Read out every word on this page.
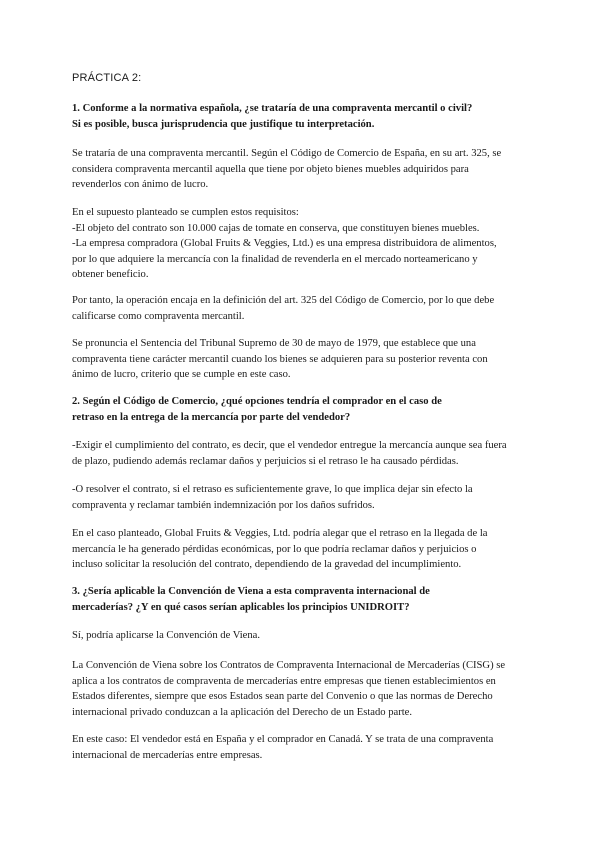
PRÁCTICA 2:
1. Conforme a la normativa española, ¿se trataría de una compraventa mercantil o civil?
Si es posible, busca jurisprudencia que justifique tu interpretación.
Se trataría de una compraventa mercantil. Según el Código de Comercio de España, en su art. 325, se
considera compraventa mercantil aquella que tiene por objeto bienes muebles adquiridos para
revenderlos con ánimo de lucro.
En el supuesto planteado se cumplen estos requisitos:
-El objeto del contrato son 10.000 cajas de tomate en conserva, que constituyen bienes muebles.
-La empresa compradora (Global Fruits & Veggies, Ltd.) es una empresa distribuidora de alimentos,
por lo que adquiere la mercancía con la finalidad de revenderla en el mercado norteamericano y
obtener beneficio.
Por tanto, la operación encaja en la definición del art. 325 del Código de Comercio, por lo que debe
calificarse como compraventa mercantil.
Se pronuncia el Sentencia del Tribunal Supremo de 30 de mayo de 1979, que establece que una
compraventa tiene carácter mercantil cuando los bienes se adquieren para su posterior reventa con
ánimo de lucro, criterio que se cumple en este caso.
2. Según el Código de Comercio, ¿qué opciones tendría el comprador en el caso de
retraso en la entrega de la mercancía por parte del vendedor?
-Exigir el cumplimiento del contrato, es decir, que el vendedor entregue la mercancía aunque sea fuera
de plazo, pudiendo además reclamar daños y perjuicios si el retraso le ha causado pérdidas.
-O resolver el contrato, si el retraso es suficientemente grave, lo que implica dejar sin efecto la
compraventa y reclamar también indemnización por los daños sufridos.
En el caso planteado, Global Fruits & Veggies, Ltd. podría alegar que el retraso en la llegada de la
mercancía le ha generado pérdidas económicas, por lo que podría reclamar daños y perjuicios o
incluso solicitar la resolución del contrato, dependiendo de la gravedad del incumplimiento.
3. ¿Sería aplicable la Convención de Viena a esta compraventa internacional de
mercaderías? ¿Y en qué casos serían aplicables los principios UNIDROIT?
Sí, podría aplicarse la Convención de Viena.
La Convención de Viena sobre los Contratos de Compraventa Internacional de Mercaderías (CISG) se
aplica a los contratos de compraventa de mercaderías entre empresas que tienen establecimientos en
Estados diferentes, siempre que esos Estados sean parte del Convenio o que las normas de Derecho
internacional privado conduzcan a la aplicación del Derecho de un Estado parte.
En este caso: El vendedor está en España y el comprador en Canadá. Y se trata de una compraventa
internacional de mercaderías entre empresas.
